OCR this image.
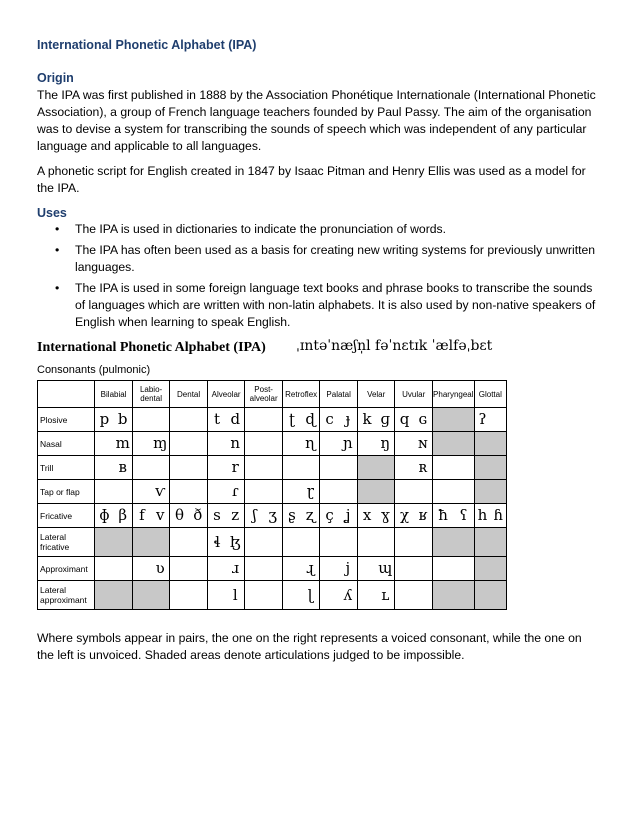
International Phonetic Alphabet (IPA)
Origin

The IPA was first published in 1888 by the Association Phonétique Internationale (International Phonetic Association), a group of French language teachers founded by Paul Passy. The aim of the organisation was to devise a system for transcribing the sounds of speech which was independent of any particular language and applicable to all languages.

A phonetic script for English created in 1847 by Isaac Pitman and Henry Ellis was used as a model for the IPA.

Uses
• The IPA is used in dictionaries to indicate the pronunciation of words.
• The IPA has often been used as a basis for creating new writing systems for previously unwritten languages.
• The IPA is used in some foreign language text books and phrase books to transcribe the sounds of languages which are written with non-latin alphabets. It is also used by non-native speakers of English when learning to speak English.
International Phonetic Alphabet (IPA) ˌɪntəˈnæʃn̩l fəˈnɛtɪk ˈælfəˌbɛt
Consonants (pulmonic)
	Bilabial	Labio-dental	Dental	Alveolar	Post-alveolar	Retroflex	Palatal	Velar	Uvular	Pharyngeal	Glottal
Plosive	p b			t d		ʈ ɖ	c ɟ	k ɡ	q ɢ		ʔ

Nasal	m	ɱ		n		ɳ	ɲ	ŋ	ɴ		

Trill	ʙ			r					ʀ		

Tap or flap		ⱱ		ɾ		ɽ					

Fricative	ɸ β	f v	θ ð	s z	ʃ ʒ	ʂ ʐ	ç ʝ	x ɣ	χ ʁ	ħ ʕ	h ɦ

Lateral fricative				ɬ ɮ							

Approximant		ʋ		ɹ		ɻ	j	ɰ			

Lateral approximant				l		ɭ	ʎ	ʟ			

Where symbols appear in pairs, the one on the right represents a voiced consonant, while the one on the left is unvoiced. Shaded areas denote articulations judged to be impossible.
